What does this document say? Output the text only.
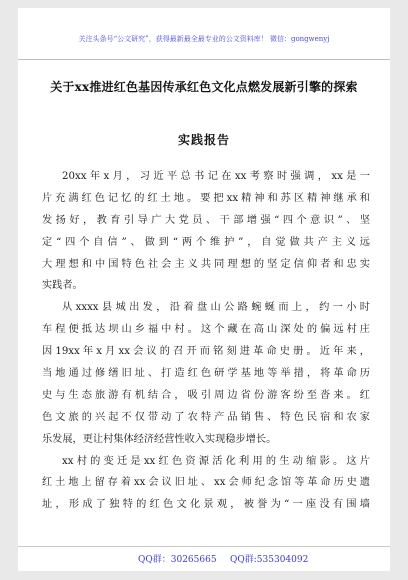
关注头条号“公文研究”，获得最新最全最专业的公文资料库！ 微信：gongwenyj
关于xx推进红色基因传承红色文化点燃发展新引擎的探索
实践报告
20xx年x月，习近平总书记在xx考察时强调，xx是一
片充满红色记忆的红土地。要把xx精神和苏区精神继承和
发扬好，教育引导广大党员、干部增强“四个意识”、坚
定“四个自信”、做到“两个维护”，自觉做共产主义远
大理想和中国特色社会主义共同理想的坚定信仰者和忠实
实践者。
从xxxx县城出发，沿着盘山公路蜿蜒而上，约一小时
车程便抵达坝山乡福中村。这个藏在高山深处的偏远村庄
因19xx年x月xx会议的召开而铭刻进革命史册。近年来，
当地通过修缮旧址、打造红色研学基地等举措，将革命历
史与生态旅游有机结合，吸引周边省份游客纷至沓来。红
色文旅的兴起不仅带动了农特产品销售、特色民宿和农家
乐发展，更让村集体经济经营性收入实现稳步增长。
xx村的变迁是xx红色资源活化利用的生动缩影。这片
红土地上留存着xx会议旧址、xx会师纪念馆等革命历史遗
址，形成了独特的红色文化景观，被誉为“一座没有围墙
QQ群：30265665 QQ群:535304092
